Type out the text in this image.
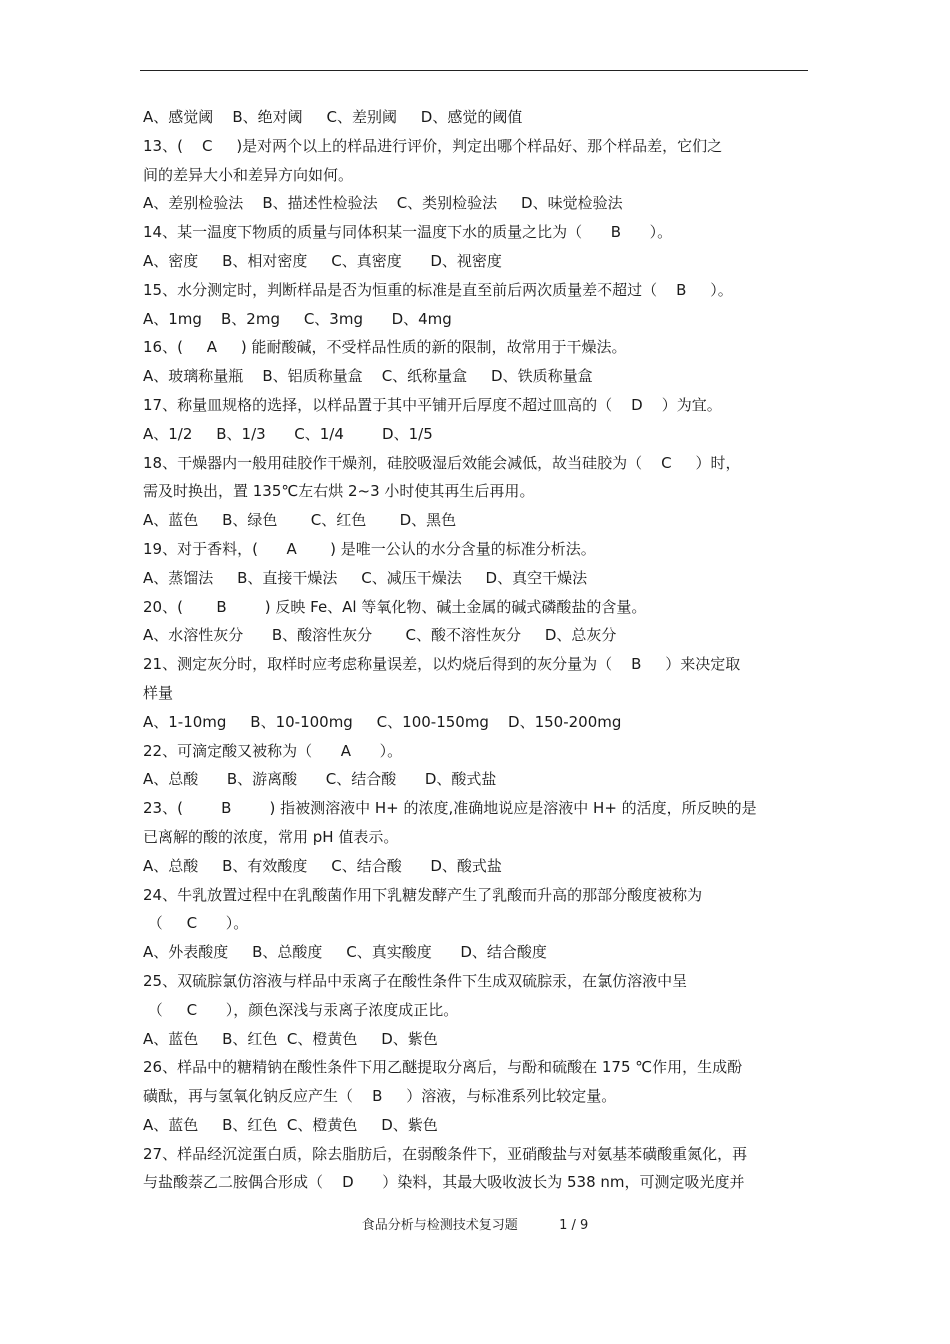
A、感觉阈    B、绝对阈     C、差别阈     D、感觉的阈值
13、(    C     )是对两个以上的样品进行评价，判定出哪个样品好、那个样品差，它们之
间的差异大小和差异方向如何。
A、差别检验法    B、描述性检验法    C、类别检验法     D、味觉检验法
14、某一温度下物质的质量与同体积某一温度下水的质量之比为（      B      ）。
A、密度     B、相对密度     C、真密度      D、视密度
15、水分测定时，判断样品是否为恒重的标准是直至前后两次质量差不超过（    B     ）。
A、1mg    B、2mg     C、3mg      D、4mg
16、(     A     ) 能耐酸碱，不受样品性质的新的限制，故常用于干燥法。
A、玻璃称量瓶    B、铝质称量盒    C、纸称量盒     D、铁质称量盒
17、称量皿规格的选择，以样品置于其中平铺开后厚度不超过皿高的（    D    ）为宜。
A、1/2     B、1/3      C、1/4        D、1/5
18、干燥器内一般用硅胶作干燥剂，硅胶吸湿后效能会减低，故当硅胶为（    C     ）时，
需及时换出，置 135℃左右烘 2~3 小时使其再生后再用。
A、蓝色     B、绿色       C、红色       D、黑色
19、对于香料，(      A       ) 是唯一公认的水分含量的标准分析法。
A、蒸馏法     B、直接干燥法     C、减压干燥法     D、真空干燥法
20、(       B        ) 反映 Fe、Al 等氧化物、碱土金属的碱式磷酸盐的含量。
A、水溶性灰分      B、酸溶性灰分       C、酸不溶性灰分     D、总灰分
21、测定灰分时，取样时应考虑称量误差，以灼烧后得到的灰分量为（    B     ）来决定取
样量
A、1-10mg     B、10-100mg     C、100-150mg    D、150-200mg
22、可滴定酸又被称为（      A      ）。
A、总酸      B、游离酸      C、结合酸      D、酸式盐
23、(        B        ) 指被测溶液中 H+ 的浓度,准确地说应是溶液中 H+ 的活度，所反映的是
已离解的酸的浓度，常用 pH 值表示。
A、总酸     B、有效酸度     C、结合酸      D、酸式盐
24、牛乳放置过程中在乳酸菌作用下乳糖发酵产生了乳酸而升高的那部分酸度被称为
（     C      ）。
A、外表酸度     B、总酸度     C、真实酸度      D、结合酸度
25、双硫腙氯仿溶液与样品中汞离子在酸性条件下生成双硫腙汞，在氯仿溶液中呈
（     C      ），颜色深浅与汞离子浓度成正比。
A、蓝色     B、红色  C、橙黄色     D、紫色
26、样品中的糖精钠在酸性条件下用乙醚提取分离后，与酚和硫酸在 175 ℃作用，生成酚
磺酞，再与氢氧化钠反应产生（    B     ）溶液，与标准系列比较定量。
A、蓝色     B、红色  C、橙黄色     D、紫色
27、样品经沉淀蛋白质，除去脂肪后，在弱酸条件下，亚硝酸盐与对氨基苯磺酸重氮化，再
与盐酸萘乙二胺偶合形成（    D      ）染料，其最大吸收波长为 538 nm，可测定吸光度并
食品分析与检测技术复习题	1 / 9
